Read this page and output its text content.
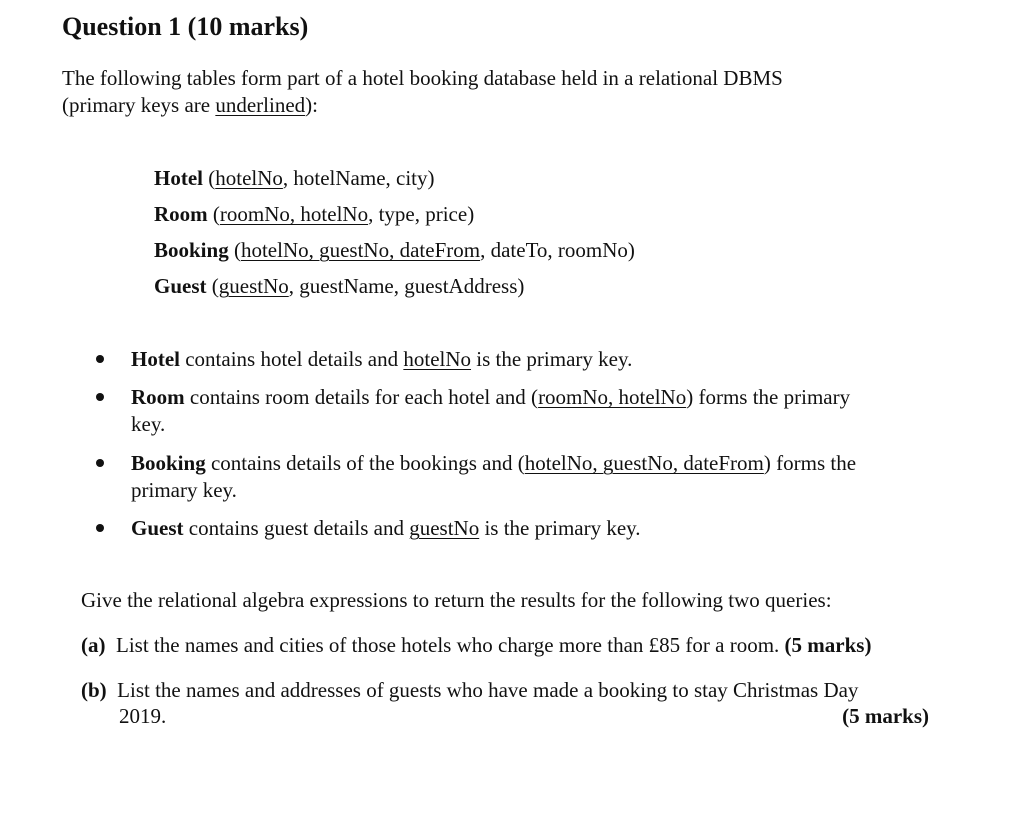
Question 1 (10 marks)
The following tables form part of a hotel booking database held in a relational DBMS
(primary keys are underlined):
Hotel (hotelNo, hotelName, city)
Room (roomNo, hotelNo, type, price)
Booking (hotelNo, guestNo, dateFrom, dateTo, roomNo)
Guest (guestNo, guestName, guestAddress)
Hotel contains hotel details and hotelNo is the primary key.
Room contains room details for each hotel and (roomNo, hotelNo) forms the primary
key.
Booking contains details of the bookings and (hotelNo, guestNo, dateFrom) forms the
primary key.
Guest contains guest details and guestNo is the primary key.
Give the relational algebra expressions to return the results for the following two queries:
(a) List the names and cities of those hotels who charge more than £85 for a room. (5 marks)
(b) List the names and addresses of guests who have made a booking to stay Christmas Day
2019.	(5 marks)
